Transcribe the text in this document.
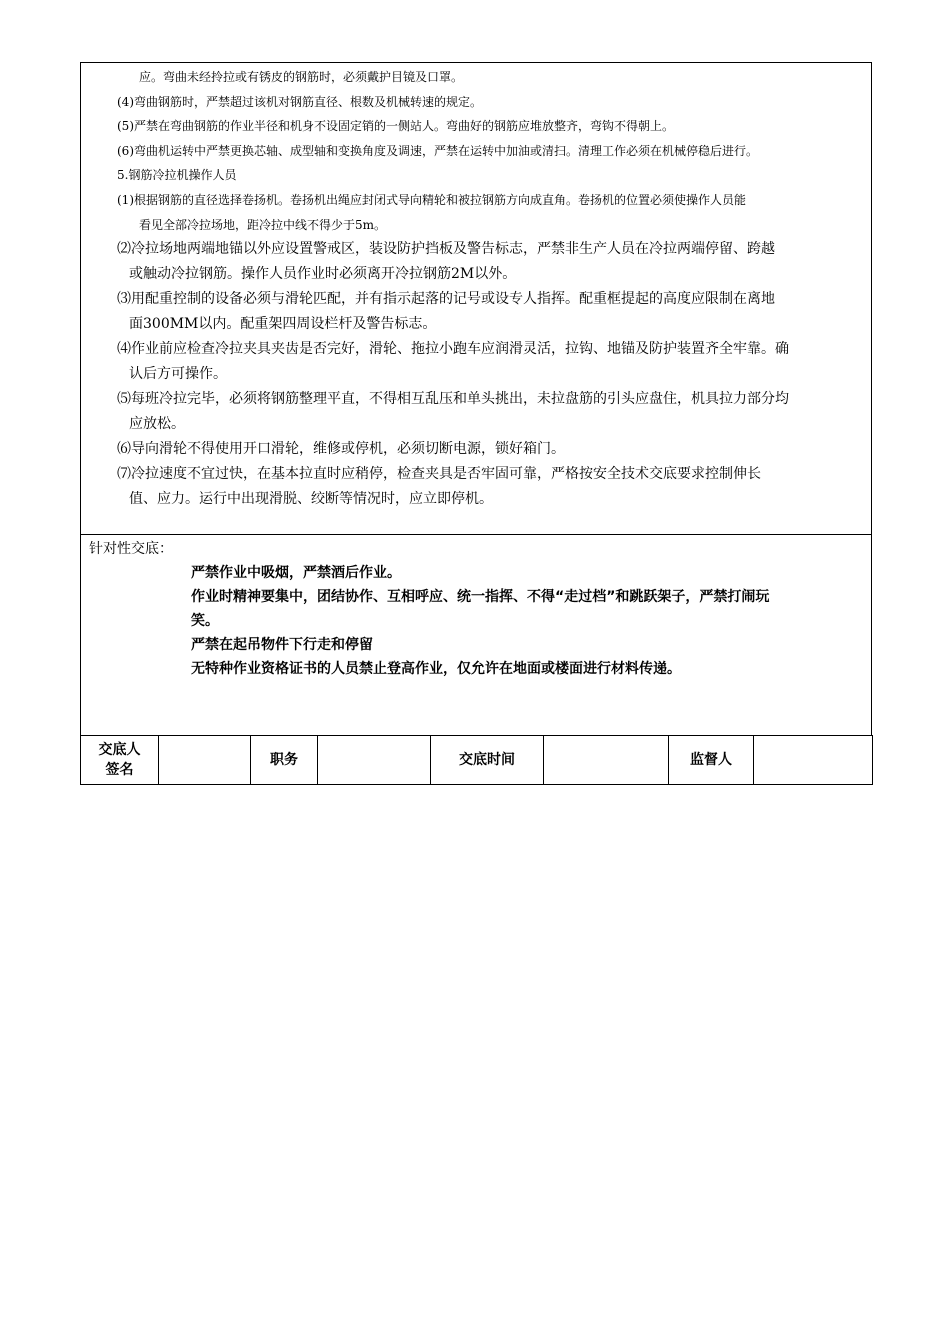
应。弯曲未经拎拉或有锈皮的钢筋时，必须戴护目镜及口罩。
(4)弯曲钢筋时，严禁超过该机对钢筋直径、根数及机械转速的规定。
(5)严禁在弯曲钢筋的作业半径和机身不设固定销的一侧站人。弯曲好的钢筋应堆放整齐，弯钩不得朝上。
(6)弯曲机运转中严禁更换芯轴、成型轴和变换角度及调速，严禁在运转中加油或清扫。清理工作必须在机械停稳后进行。
5.钢筋冷拉机操作人员
(1)根据钢筋的直径选择卷扬机。卷扬机出绳应封闭式导向精轮和被拉钢筋方向成直角。卷扬机的位置必须使操作人员能
看见全部冷拉场地，距冷拉中线不得少于5m。
⑵冷拉场地两端地锚以外应设置警戒区，装设防护挡板及警告标志，严禁非生产人员在冷拉两端停留、跨越
或触动冷拉钢筋。操作人员作业时必须离开冷拉钢筋2M以外。
⑶用配重控制的设备必须与滑轮匹配，并有指示起落的记号或设专人指挥。配重框提起的高度应限制在离地
面300MM以内。配重架四周设栏杆及警告标志。
⑷作业前应检查冷拉夹具夹齿是否完好，滑轮、拖拉小跑车应润滑灵活，拉钩、地锚及防护装置齐全牢靠。确
认后方可操作。
⑸每班冷拉完毕，必须将钢筋整理平直，不得相互乱压和单头挑出，未拉盘筋的引头应盘住，机具拉力部分均
应放松。
⑹导向滑轮不得使用开口滑轮，维修或停机，必须切断电源，锁好箱门。
⑺冷拉速度不宜过快，在基本拉直时应稍停，检查夹具是否牢固可靠，严格按安全技术交底要求控制伸长
值、应力。运行中出现滑脱、绞断等情况时，应立即停机。

针对性交底：
严禁作业中吸烟，严禁酒后作业。
作业时精神要集中，团结协作、互相呼应、统一指挥、不得“走过档”和跳跃架子，严禁打闹玩
笑。
严禁在起吊物件下行走和停留
无特种作业资格证书的人员禁止登高作业，仅允许在地面或楼面进行材料传递。
交底人
签名
		职务		交底时间		监督人	
